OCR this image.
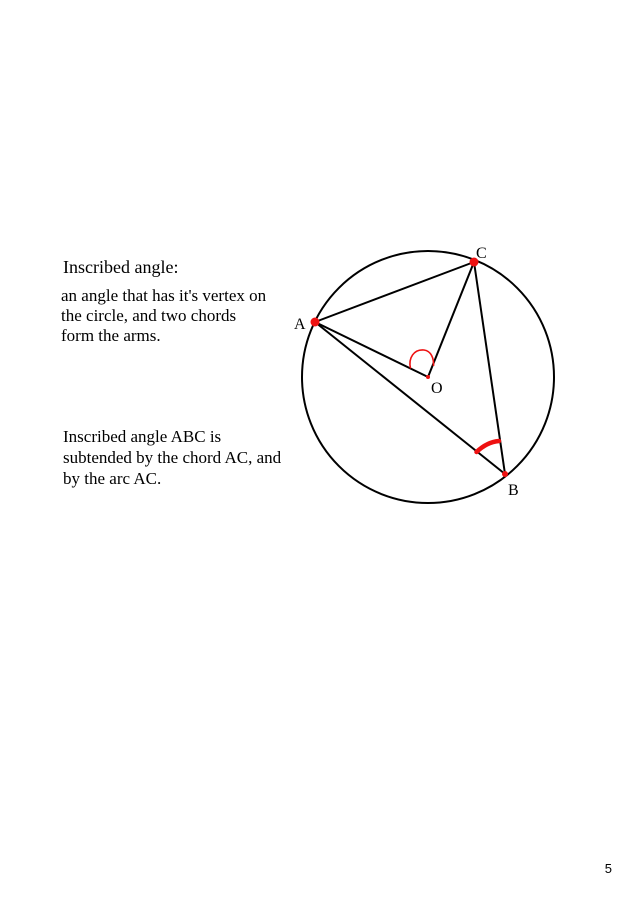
Inscribed angle:
an angle that has it's vertex on
the circle, and two chords
form the arms.
Inscribed angle ABC is
subtended by the chord AC, and
by the arc AC.
A
C
B
O
5
